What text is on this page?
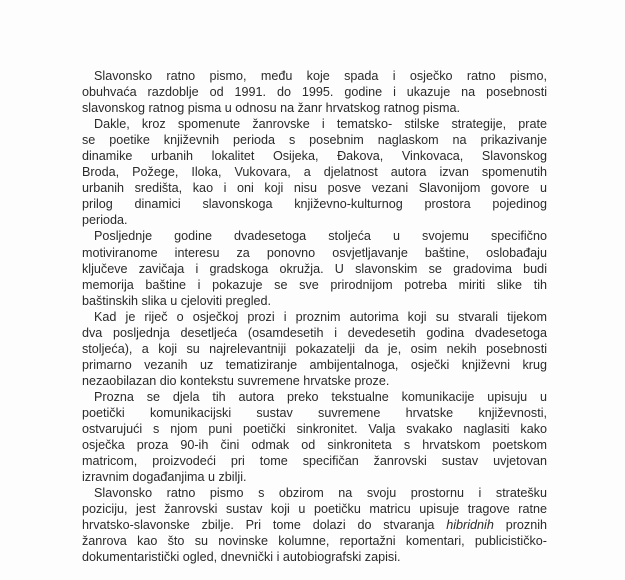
Slavonsko ratno pismo, među koje spada i osječko ratno pismo,
obuhvaća razdoblje od 1991. do 1995. godine i ukazuje na posebnosti
slavonskog ratnog pisma u odnosu na žanr hrvatskog ratnog pisma.

Dakle, kroz spomenute žanrovske i tematsko- stilske strategije, prate
se poetike književnih perioda s posebnim naglaskom na prikazivanje
dinamike urbanih lokalitet Osijeka, Đakova, Vinkovaca, Slavonskog
Broda, Požege, Iloka, Vukovara, a djelatnost autora izvan spomenutih
urbanih središta, kao i oni koji nisu posve vezani Slavonijom govore u
prilog dinamici slavonskoga književno-kulturnog prostora pojedinog
perioda.

Posljednje godine dvadesetoga stoljeća u svojemu specifično
motiviranome interesu za ponovno osvjetljavanje baštine, oslobađaju
ključeve zavičaja i gradskoga okružja. U slavonskim se gradovima budi
memorija baštine i pokazuje se sve prirodnijom potreba miriti slike tih
baštinskih slika u cjeloviti pregled.

Kad je riječ o osječkoj prozi i proznim autorima koji su stvarali tijekom
dva posljednja desetljeća (osamdesetih i devedesetih godina dvadesetoga
stoljeća), a koji su najrelevantniji pokazatelji da je, osim nekih posebnosti
primarno vezanih uz tematiziranje ambijentalnoga, osječki književni krug
nezaobilazan dio kontekstu suvremene hrvatske proze.

Prozna se djela tih autora preko tekstualne komunikacije upisuju u
poetički komunikacijski sustav suvremene hrvatske književnosti,
ostvarujući s njom puni poetički sinkronitet. Valja svakako naglasiti kako
osječka proza 90-ih čini odmak od sinkroniteta s hrvatskom poetskom
matricom, proizvodeći pri tome specifičan žanrovski sustav uvjetovan
izravnim događanjima u zbilji.

Slavonsko ratno pismo s obzirom na svoju prostornu i stratešku
poziciju, jest žanrovski sustav koji u poetičku matricu upisuje tragove ratne
hrvatsko-slavonske zbilje. Pri tome dolazi do stvaranja hibridnih proznih
žanrova kao što su novinske kolumne, reportažni komentari, publicističko-
dokumentaristički ogled, dnevnički i autobiografski zapisi.
